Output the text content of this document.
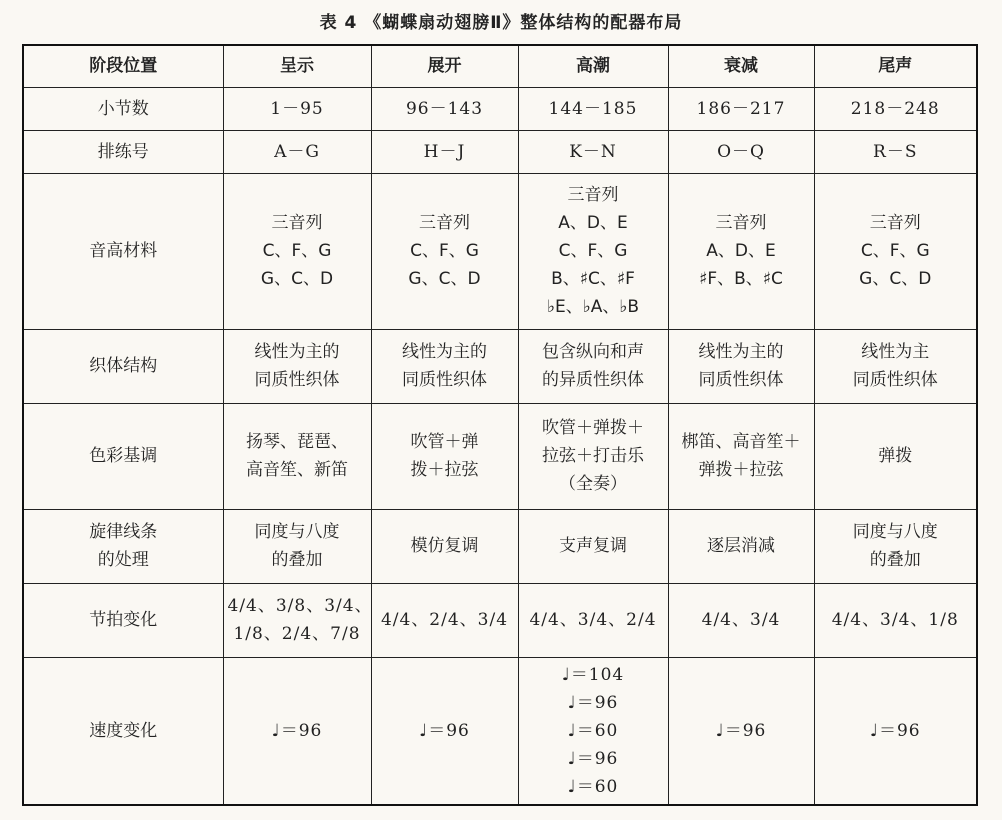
表 4 《蝴蝶扇动翅膀Ⅱ》整体结构的配器布局
阶段位置	呈示	展开	高潮	衰减	尾声
小节数	1－95	96－143	144－185	186－217	218－248

排练号	A－G	H－J	K－N	O－Q	R－S

音高材料	三音列
C、F、G
G、C、D	三音列
C、F、G
G、C、D	三音列
A、D、E
C、F、G
B、♯C、♯F
♭E、♭A、♭B	三音列
A、D、E
♯F、B、♯C	三音列
C、F、G
G、C、D

织体结构	线性为主的
同质性织体	线性为主的
同质性织体	包含纵向和声
的异质性织体	线性为主的
同质性织体	线性为主
同质性织体

色彩基调	扬琴、琵琶、
高音笙、新笛	吹管＋弹
拨＋拉弦	吹管＋弹拨＋
拉弦＋打击乐
（全奏）	梆笛、高音笙＋
弹拨＋拉弦	弹拨

旋律线条
的处理	同度与八度
的叠加	模仿复调	支声复调	逐层消减	同度与八度
的叠加

节拍变化	4/4、3/8、3/4、
1/8、2/4、7/8	4/4、2/4、3/4	4/4、3/4、2/4	4/4、3/4	4/4、3/4、1/8

速度变化	♩＝96	♩＝96	♩＝104
♩＝96
♩＝60
♩＝96
♩＝60	♩＝96	♩＝96
